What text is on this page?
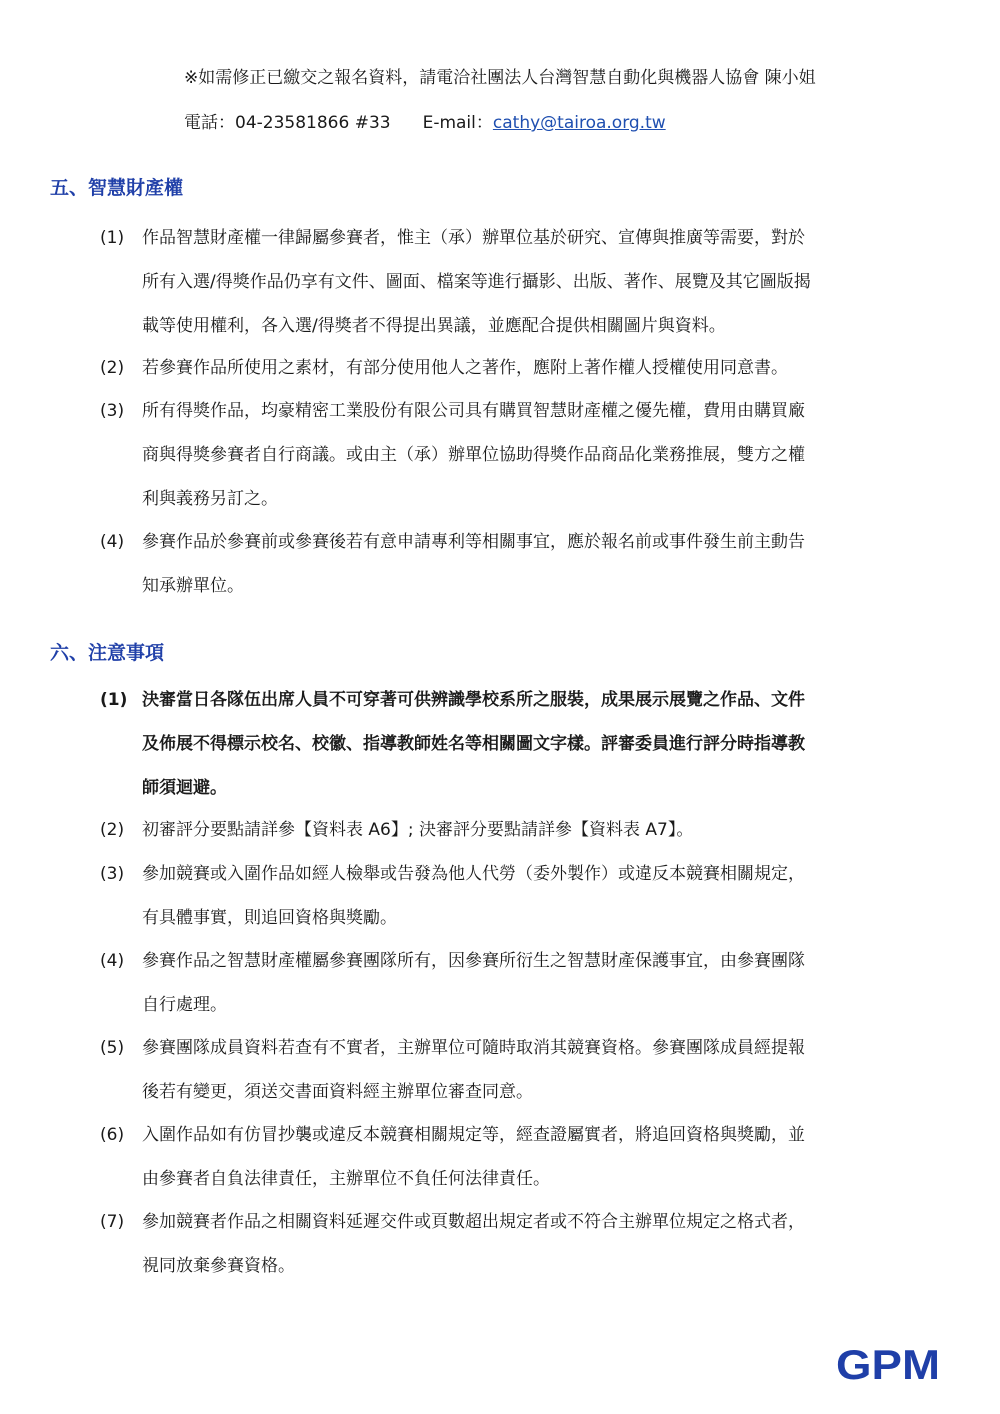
※如需修正已繳交之報名資料，請電洽社團法人台灣智慧自動化與機器人協會 陳小姐
電話：04-23581866 #33 E-mail：cathy@tairoa.org.tw
五、智慧財產權
(1) 作品智慧財產權一律歸屬參賽者，惟主（承）辦單位基於研究、宣傳與推廣等需要，對於
所有入選/得獎作品仍享有文件、圖面、檔案等進行攝影、出版、著作、展覽及其它圖版揭
載等使用權利，各入選/得獎者不得提出異議，並應配合提供相關圖片與資料。
(2) 若參賽作品所使用之素材，有部分使用他人之著作，應附上著作權人授權使用同意書。
(3) 所有得獎作品，均豪精密工業股份有限公司具有購買智慧財產權之優先權，費用由購買廠
商與得獎參賽者自行商議。或由主（承）辦單位協助得獎作品商品化業務推展，雙方之權
利與義務另訂之。
(4) 參賽作品於參賽前或參賽後若有意申請專利等相關事宜，應於報名前或事件發生前主動告
知承辦單位。
六、注意事項
(1) 決審當日各隊伍出席人員不可穿著可供辨識學校系所之服裝，成果展示展覽之作品、文件
及佈展不得標示校名、校徽、指導教師姓名等相關圖文字樣。評審委員進行評分時指導教
師須迴避。
(2) 初審評分要點請詳參【資料表 A6】; 決審評分要點請詳參【資料表 A7】。
(3) 參加競賽或入圍作品如經人檢舉或告發為他人代勞（委外製作）或違反本競賽相關規定，
有具體事實，則追回資格與獎勵。
(4) 參賽作品之智慧財產權屬參賽團隊所有，因參賽所衍生之智慧財產保護事宜，由參賽團隊
自行處理。
(5) 參賽團隊成員資料若查有不實者，主辦單位可隨時取消其競賽資格。參賽團隊成員經提報
後若有變更，須送交書面資料經主辦單位審查同意。
(6) 入圍作品如有仿冒抄襲或違反本競賽相關規定等，經查證屬實者，將追回資格與獎勵，並
由參賽者自負法律責任，主辦單位不負任何法律責任。
(7) 參加競賽者作品之相關資料延遲交件或頁數超出規定者或不符合主辦單位規定之格式者，
視同放棄參賽資格。
GPM
